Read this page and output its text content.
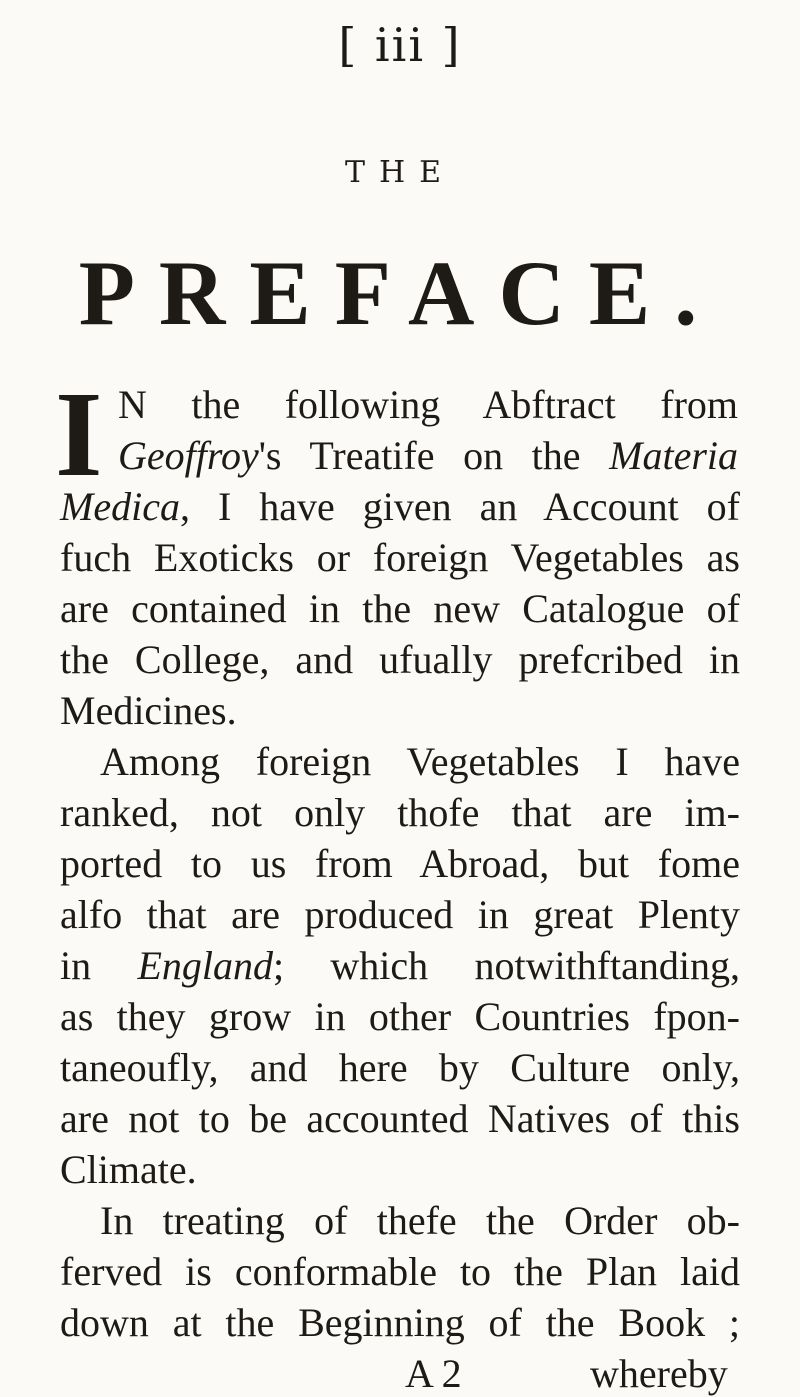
[ iii ]
THE
PREFACE.
I N the following Abftract from
Geoffroy's Treatife on the Materia
Medica, I have given an Account of
fuch Exoticks or foreign Vegetables as
are contained in the new Catalogue of
the College, and ufually prefcribed in
Medicines.
Among foreign Vegetables I have
ranked, not only thofe that are im-
ported to us from Abroad, but fome
alfo that are produced in great Plenty
in England; which notwithftanding,
as they grow in other Countries fpon-
taneoufly, and here by Culture only,
are not to be accounted Natives of this
Climate.
In treating of thefe the Order ob-
ferved is conformable to the Plan laid
down at the Beginning of the Book ;
A 2	whereby
